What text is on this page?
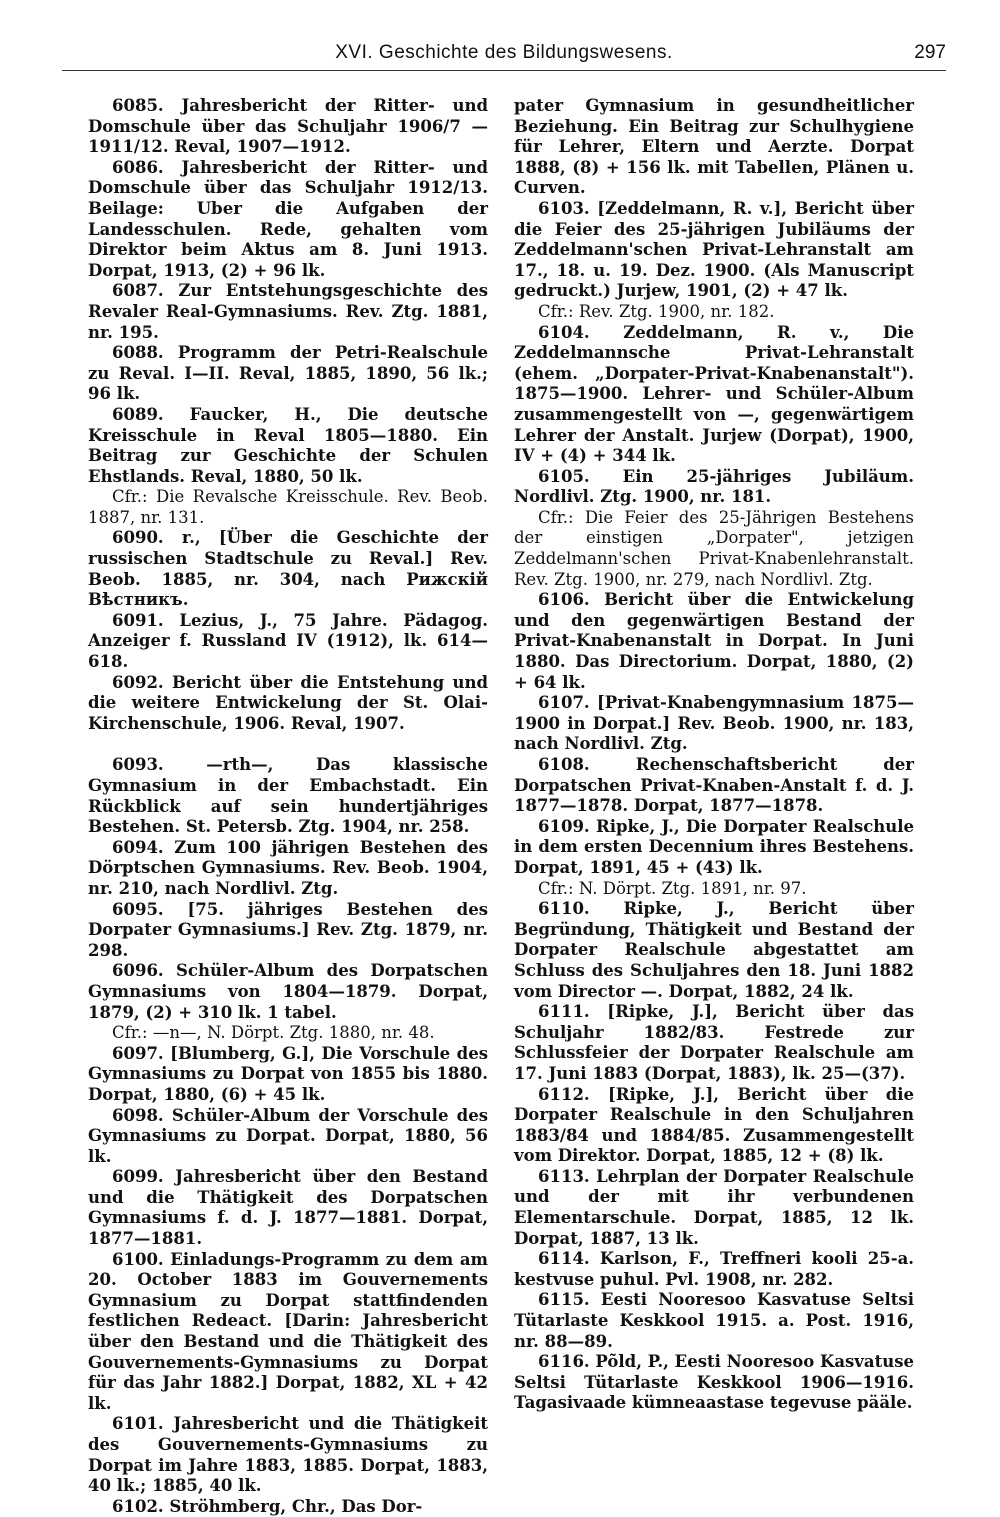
XVI. Geschichte des Bildungswesens.	297
6085. Jahresbericht der Ritter- und Domschule über das Schuljahr 1906/7 — 1911/12. Reval, 1907—1912.
6086. Jahresbericht der Ritter- und Domschule über das Schuljahr 1912/13. Beilage: Uber die Aufgaben der Landesschulen. Rede, gehalten vom Direktor beim Aktus am 8. Juni 1913. Dorpat, 1913, (2) + 96 lk.
6087. Zur Entstehungsgeschichte des Revaler Real-Gymnasiums. Rev. Ztg. 1881, nr. 195.
6088. Programm der Petri-Realschule zu Reval. I—II. Reval, 1885, 1890, 56 lk.; 96 lk.
6089. Faucker, H., Die deutsche Kreisschule in Reval 1805—1880. Ein Beitrag zur Geschichte der Schulen Ehstlands. Reval, 1880, 50 lk.
Cfr.: Die Revalsche Kreisschule. Rev. Beob. 1887, nr. 131.
6090. r., [Über die Geschichte der russischen Stadtschule zu Reval.] Rev. Beob. 1885, nr. 304, nach Рижскій Вѣстникъ.
6091. Lezius, J., 75 Jahre. Pädagog. Anzeiger f. Russland IV (1912), lk. 614—618.
6092. Bericht über die Entstehung und die weitere Entwickelung der St. Olai-Kirchenschule, 1906. Reval, 1907.
6093. —rth—, Das klassische Gymnasium in der Embachstadt. Ein Rückblick auf sein hundertjähriges Bestehen. St. Petersb. Ztg. 1904, nr. 258.
6094. Zum 100 jährigen Bestehen des Dörptschen Gymnasiums. Rev. Beob. 1904, nr. 210, nach Nordlivl. Ztg.
6095. [75. jähriges Bestehen des Dorpater Gymnasiums.] Rev. Ztg. 1879, nr. 298.
6096. Schüler-Album des Dorpatschen Gymnasiums von 1804—1879. Dorpat, 1879, (2) + 310 lk. 1 tabel.
Cfr.: —n—, N. Dörpt. Ztg. 1880, nr. 48.
6097. [Blumberg, G.], Die Vorschule des Gymnasiums zu Dorpat von 1855 bis 1880. Dorpat, 1880, (6) + 45 lk.
6098. Schüler-Album der Vorschule des Gymnasiums zu Dorpat. Dorpat, 1880, 56 lk.
6099. Jahresbericht über den Bestand und die Thätigkeit des Dorpatschen Gymnasiums f. d. J. 1877—1881. Dorpat, 1877—1881.
6100. Einladungs-Programm zu dem am 20. October 1883 im Gouvernements Gymnasium zu Dorpat stattfindenden festlichen Redeact. [Darin: Jahresbericht über den Bestand und die Thätigkeit des Gouvernements-Gymnasiums zu Dorpat für das Jahr 1882.] Dorpat, 1882, XL + 42 lk.
6101. Jahresbericht und die Thätigkeit des Gouvernements-Gymnasiums zu Dorpat im Jahre 1883, 1885. Dorpat, 1883, 40 lk.; 1885, 40 lk.
6102. Ströhmberg, Chr., Das Dor-
pater Gymnasium in gesundheitlicher Beziehung. Ein Beitrag zur Schulhygiene für Lehrer, Eltern und Aerzte. Dorpat 1888, (8) + 156 lk. mit Tabellen, Plänen u. Curven.
6103. [Zeddelmann, R. v.], Bericht über die Feier des 25-jährigen Jubiläums der Zeddelmann'schen Privat-Lehranstalt am 17., 18. u. 19. Dez. 1900. (Als Manuscript gedruckt.) Jurjew, 1901, (2) + 47 lk.
Cfr.: Rev. Ztg. 1900, nr. 182.
6104. Zeddelmann, R. v., Die Zeddelmannsche Privat-Lehranstalt (ehem. „Dorpater-Privat-Knabenanstalt"). 1875—1900. Lehrer- und Schüler-Album zusammengestellt von —, gegenwärtigem Lehrer der Anstalt. Jurjew (Dorpat), 1900, IV + (4) + 344 lk.
6105. Ein 25-jähriges Jubiläum. Nordlivl. Ztg. 1900, nr. 181.
Cfr.: Die Feier des 25-Jährigen Bestehens der einstigen „Dorpater", jetzigen Zeddelmann'schen Privat-Knabenlehranstalt. Rev. Ztg. 1900, nr. 279, nach Nordlivl. Ztg.
6106. Bericht über die Entwickelung und den gegenwärtigen Bestand der Privat-Knabenanstalt in Dorpat. In Juni 1880. Das Directorium. Dorpat, 1880, (2) + 64 lk.
6107. [Privat-Knabengymnasium 1875—1900 in Dorpat.] Rev. Beob. 1900, nr. 183, nach Nordlivl. Ztg.
6108. Rechenschaftsbericht der Dorpatschen Privat-Knaben-Anstalt f. d. J. 1877—1878. Dorpat, 1877—1878.
6109. Ripke, J., Die Dorpater Realschule in dem ersten Decennium ihres Bestehens. Dorpat, 1891, 45 + (43) lk.
Cfr.: N. Dörpt. Ztg. 1891, nr. 97.
6110. Ripke, J., Bericht über Begründung, Thätigkeit und Bestand der Dorpater Realschule abgestattet am Schluss des Schuljahres den 18. Juni 1882 vom Director —. Dorpat, 1882, 24 lk.
6111. [Ripke, J.], Bericht über das Schuljahr 1882/83. Festrede zur Schlussfeier der Dorpater Realschule am 17. Juni 1883 (Dorpat, 1883), lk. 25—(37).
6112. [Ripke, J.], Bericht über die Dorpater Realschule in den Schuljahren 1883/84 und 1884/85. Zusammengestellt vom Direktor. Dorpat, 1885, 12 + (8) lk.
6113. Lehrplan der Dorpater Realschule und der mit ihr verbundenen Elementarschule. Dorpat, 1885, 12 lk. Dorpat, 1887, 13 lk.
6114. Karlson, F., Treffneri kooli 25-a. kestvuse puhul. Pvl. 1908, nr. 282.
6115. Eesti Nooresoo Kasvatuse Seltsi Tütarlaste Keskkool 1915. a. Post. 1916, nr. 88—89.
6116. Põld, P., Eesti Nooresoo Kasvatuse Seltsi Tütarlaste Keskkool 1906—1916. Tagasivaade kümneaastase tegevuse pääle.
